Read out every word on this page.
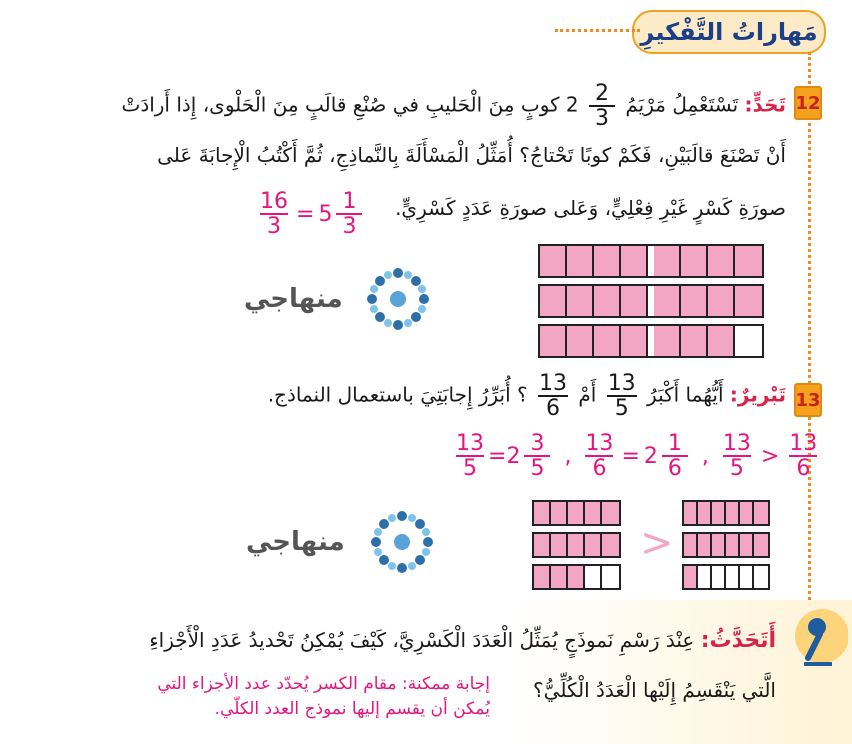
مَهاراتُ التَّفْكيرِ
12
تَحَدٍّ: تَسْتَعْمِلُ مَرْيَمُ
$\frac{2}{3}$
2 كوبٍ مِنَ الْحَليبِ في صُنْعِ قالَبٍ مِنَ الْحَلْوى، إِذا أَرادَتْ
أَنْ تَصْنَعَ قالَبَيْنِ، فَكَمْ كوبًا تَحْتاجُ؟ أُمَثِّلُ الْمَسْأَلَةَ بِالنَّماذِجِ، ثُمَّ أَكْتُبُ الْإِجابَةَ عَلى
صورَةِ كَسْرٍ غَيْرِ فِعْلِيٍّ، وَعَلى صورَةِ عَدَدٍ كَسْرِيٍّ.
$\frac{16}{3} = 5 \frac{1}{3}$
منهاجي
13
تَبْريرٌ: أَيُّهُما أَكْبَرُ
$\frac{13}{5}$
أَمْ
$\frac{13}{6}$
؟ أُبَرِّرُ إِجابَتِيَ باستعمال النماذج.
$\frac{13}{5} = 2 \frac{3}{5}$ , $\frac{13}{6} = 2 \frac{1}{6}$ , $\frac{13}{5} > \frac{13}{6}$
>
منهاجي
أَتَحَدَّثُ: عِنْدَ رَسْمِ نَموذَجٍ يُمَثِّلُ الْعَدَدَ الْكَسْرِيَّ، كَيْفَ يُمْكِنُ تَحْديدُ عَدَدِ الْأَجْزاءِ
الَّتي يَنْقَسِمُ إِلَيْها الْعَدَدُ الْكُلِّيُّ؟
إجابة ممكنة: مقام الكسر يُحدّد عدد الأجزاء التي
يُمكن أن يقسم إليها نموذج العدد الكلّي.
